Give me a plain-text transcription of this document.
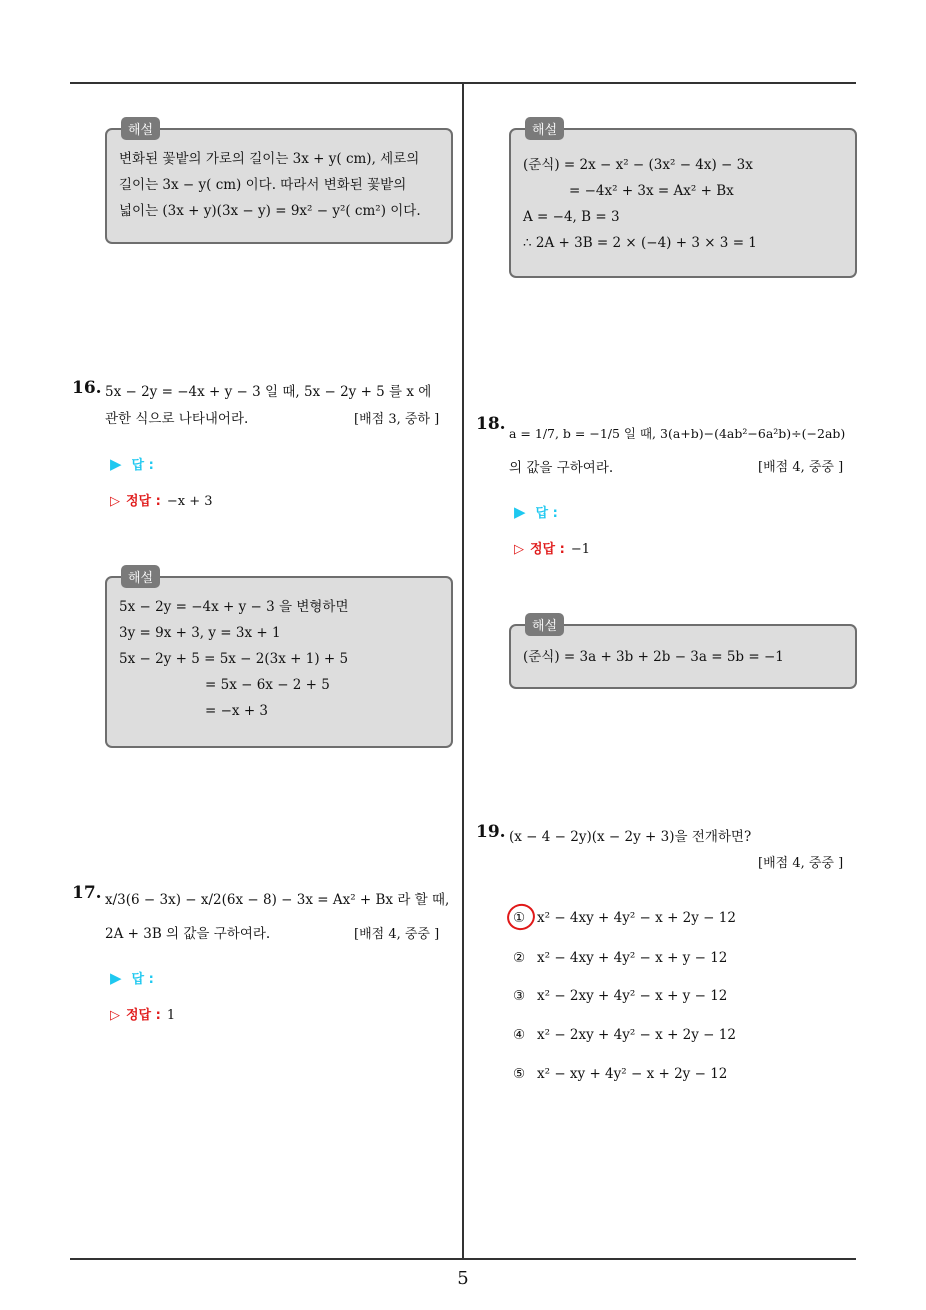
5
해설
변화된 꽃밭의 가로의 길이는 3x + y( cm), 세로의
길이는 3x − y( cm) 이다. 따라서 변화된 꽃밭의
넓이는 (3x + y)(3x − y) = 9x² − y²( cm²) 이다.
16. 5x − 2y = −4x + y − 3 일 때, 5x − 2y + 5 를 x 에
관한 식으로 나타내어라.	[배점 3, 중하 ]
▶ 답 :
▷ 정답 : −x + 3
해설
5x − 2y = −4x + y − 3 을 변형하면
3y = 9x + 3, y = 3x + 1
5x − 2y + 5 = 5x − 2(3x + 1) + 5
= 5x − 6x − 2 + 5
= −x + 3
17. x/3(6 − 3x) − x/2(6x − 8) − 3x = Ax² + Bx 라 할 때,
2A + 3B 의 값을 구하여라.	[배점 4, 중중 ]
▶ 답 :
▷ 정답 : 1
해설
(준식) = 2x − x² − (3x² − 4x) − 3x
= −4x² + 3x = Ax² + Bx
A = −4, B = 3
∴ 2A + 3B = 2 × (−4) + 3 × 3 = 1
18. a = 1/7, b = −1/5 일 때, 3(a+b)−(4ab²−6a²b)÷(−2ab)
의 값을 구하여라.	[배점 4, 중중 ]
▶ 답 :
▷ 정답 : −1
해설
(준식) = 3a + 3b + 2b − 3a = 5b = −1
19. (x − 4 − 2y)(x − 2y + 3)을 전개하면?
[배점 4, 중중 ]
① x² − 4xy + 4y² − x + 2y − 12
② x² − 4xy + 4y² − x + y − 12
③ x² − 2xy + 4y² − x + y − 12
④ x² − 2xy + 4y² − x + 2y − 12
⑤ x² − xy + 4y² − x + 2y − 12
